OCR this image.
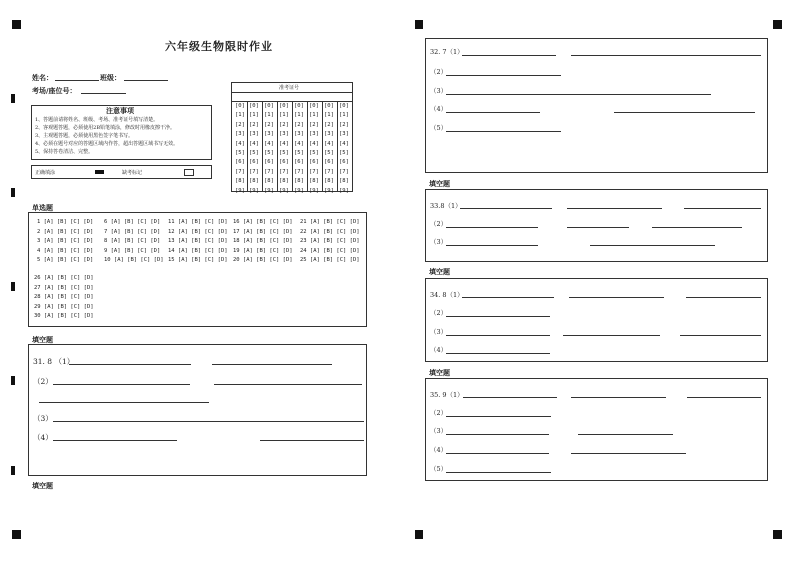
六年级生物限时作业
姓名：	班级：
考场/座位号：
注意事项
1、答题前请将姓名、班级、考场、准考证号填写清楚。
2、客观题答题，必须使用2B铅笔填涂，修改时用橡皮擦干净。
3、主观题答题，必须使用黑色签字笔书写。
4、必须在题号对应的答题区域内作答，超出答题区域书写无效。
5、保持答卷清洁、完整。
正确填涂	缺考标记
准考证号
[0]
[1]
[2]
[3]
[4]
[5]
[6]
[7]
[8]
[9]
[0]
[1]
[2]
[3]
[4]
[5]
[6]
[7]
[8]
[9]
[0]
[1]
[2]
[3]
[4]
[5]
[6]
[7]
[8]
[9]
[0]
[1]
[2]
[3]
[4]
[5]
[6]
[7]
[8]
[9]
[0]
[1]
[2]
[3]
[4]
[5]
[6]
[7]
[8]
[9]
[0]
[1]
[2]
[3]
[4]
[5]
[6]
[7]
[8]
[9]
[0]
[1]
[2]
[3]
[4]
[5]
[6]
[7]
[8]
[9]
[0]
[1]
[2]
[3]
[4]
[5]
[6]
[7]
[8]
[9]
单选题
1 [A] [B] [C] [D]
2 [A] [B] [C] [D]
3 [A] [B] [C] [D]
4 [A] [B] [C] [D]
5 [A] [B] [C] [D]
6 [A] [B] [C] [D]
7 [A] [B] [C] [D]
8 [A] [B] [C] [D]
9 [A] [B] [C] [D]
10 [A] [B] [C] [D]
11 [A] [B] [C] [D]
12 [A] [B] [C] [D]
13 [A] [B] [C] [D]
14 [A] [B] [C] [D]
15 [A] [B] [C] [D]
16 [A] [B] [C] [D]
17 [A] [B] [C] [D]
18 [A] [B] [C] [D]
19 [A] [B] [C] [D]
20 [A] [B] [C] [D]
21 [A] [B] [C] [D]
22 [A] [B] [C] [D]
23 [A] [B] [C] [D]
24 [A] [B] [C] [D]
25 [A] [B] [C] [D]
26 [A] [B] [C] [D]
27 [A] [B] [C] [D]
28 [A] [B] [C] [D]
29 [A] [B] [C] [D]
30 [A] [B] [C] [D]
填空题
31. 8 （1）
（2）
（3）
（4）
填空题
32. 7（1）
（2）
（3）
（4）
（5）
填空题
33.8（1）
（2）
（3）
填空题
34. 8（1）
（2）
（3）
（4）
填空题
35. 9（1）
（2）
（3）
（4）
（5）
